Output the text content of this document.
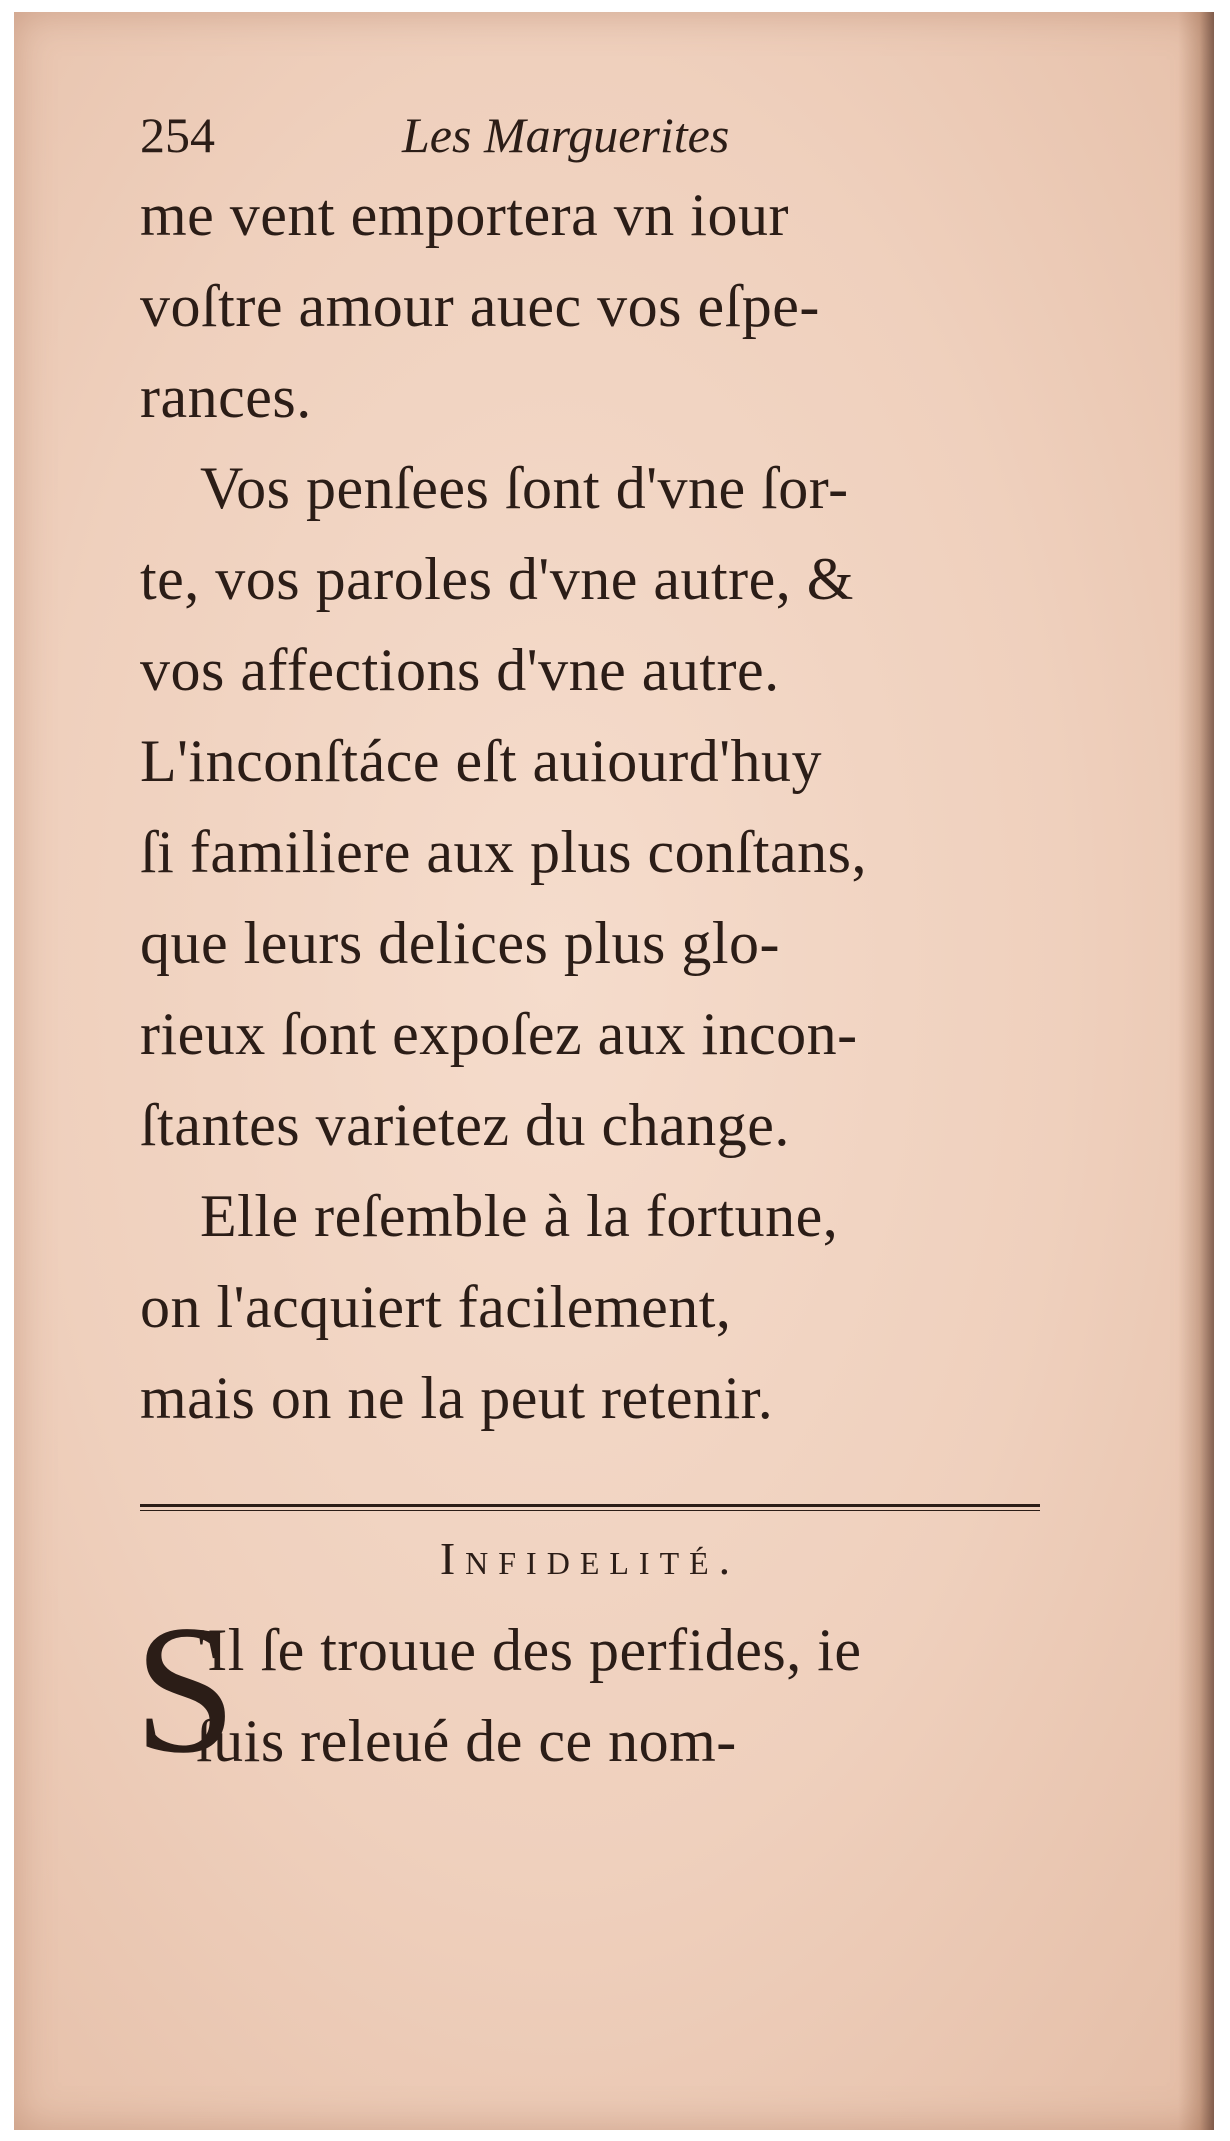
254	Les Marguerites
me vent emportera vn iour
voſtre amour auec vos eſpe-
rances.
Vos penſees ſont d'vne ſor-
te, vos paroles d'vne autre, &
vos affections d'vne autre.
L'inconſtáce eſt auiourd'huy
ſi familiere aux plus conſtans,
que leurs delices plus glo-
rieux ſont expoſez aux incon-
ſtantes varietez du change.
Elle reſemble à la fortune,
on l'acquiert facilement,
mais on ne la peut retenir.
Infidelité.
S
'Il ſe trouue des perfides, ie
ſuis releué de ce nom-
